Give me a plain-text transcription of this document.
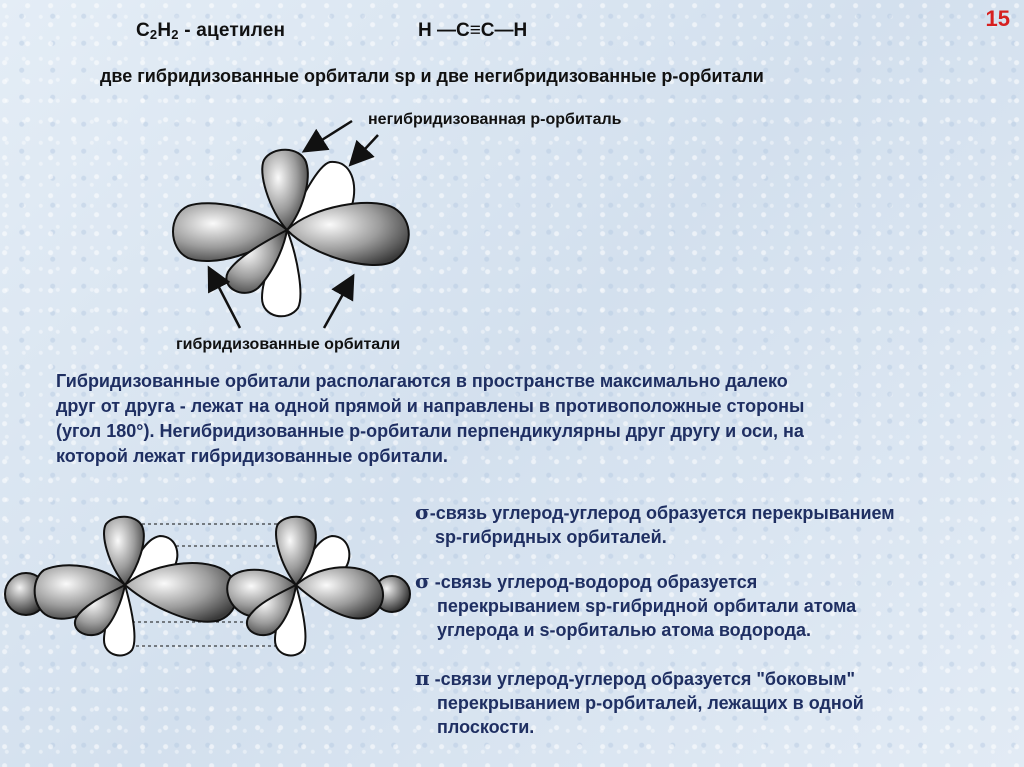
$C_2H_2$ - ацетилен	H —C≡C—H	15
две гибридизованные орбитали sp и две негибридизованные p-орбитали
негибридизованная p-орбиталь
гибридизованные орбитали
Гибридизованные орбитали располагаются в пространстве максимально далеко
друг от друга - лежат на одной прямой и направлены в противоположные стороны
(угол 180°). Негибридизованные p-орбитали перпендикулярны друг другу и оси, на
которой лежат гибридизованные орбитали.
σ-связь углерод-углерод образуется перекрыванием
sp-гибридных орбиталей.
σ -связь углерод-водород образуется
перекрыванием sp-гибридной орбитали атома
углерода и s-орбиталью атома водорода.
π -связи углерод-углерод образуется "боковым"
перекрыванием p-орбиталей, лежащих в одной
плоскости.
